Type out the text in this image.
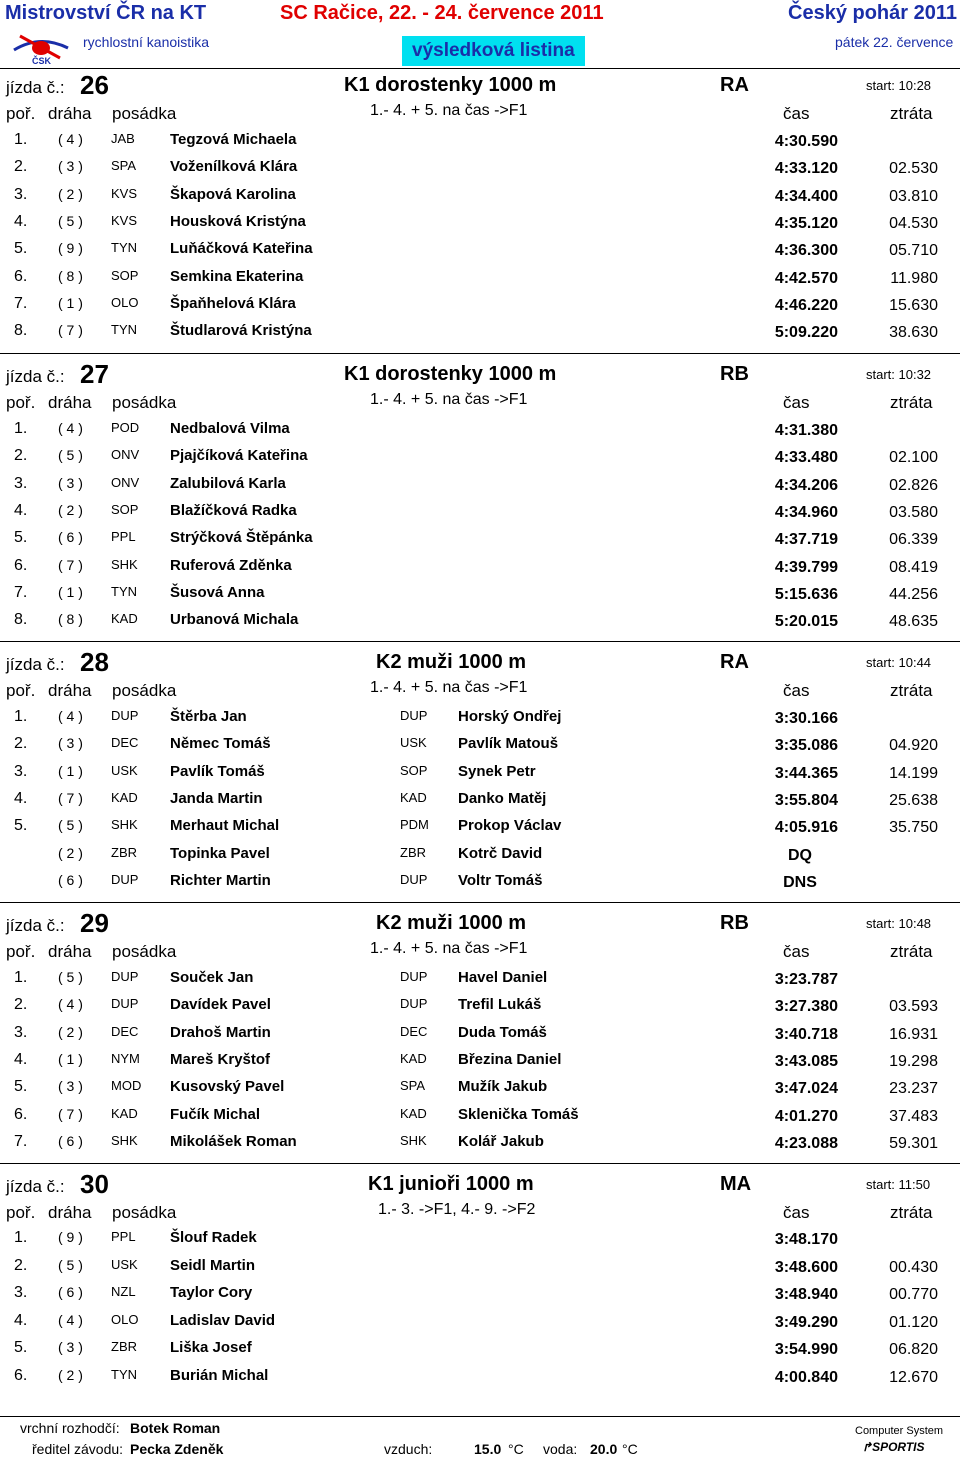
Mistrovství ČR na KT	SC Račice, 22. - 24. července 2011	Český pohár 2011
ČSK
rychlostní kanoistika	výsledková listina	pátek 22. července
jízda č.: 26	K1 dorostenky 1000 m	RA	start: 10:28
poř. dráha posádka	1.- 4. + 5. na čas ->F1	čas	ztráta
1. ( 4 ) JAB Tegzová Michaela	4:30.590
2. ( 3 ) SPA Voženílková Klára	4:33.120	02.530
3. ( 2 ) KVS Škapová Karolina	4:34.400	03.810
4. ( 5 ) KVS Housková Kristýna	4:35.120	04.530
5. ( 9 ) TYN Luňáčková Kateřina	4:36.300	05.710
6. ( 8 ) SOP Semkina Ekaterina	4:42.570	11.980
7. ( 1 ) OLO Špaňhelová Klára	4:46.220	15.630
8. ( 7 ) TYN Študlarová Kristýna	5:09.220	38.630
jízda č.: 27	K1 dorostenky 1000 m	RB	start: 10:32
poř. dráha posádka	1.- 4. + 5. na čas ->F1	čas	ztráta
1. ( 4 ) POD Nedbalová Vilma	4:31.380
2. ( 5 ) ONV Pjajčíková Kateřina	4:33.480	02.100
3. ( 3 ) ONV Zalubilová Karla	4:34.206	02.826
4. ( 2 ) SOP Blažíčková Radka	4:34.960	03.580
5. ( 6 ) PPL Strýčková Štěpánka	4:37.719	06.339
6. ( 7 ) SHK Ruferová Zděnka	4:39.799	08.419
7. ( 1 ) TYN Šusová Anna	5:15.636	44.256
8. ( 8 ) KAD Urbanová Michala	5:20.015	48.635
jízda č.: 28	K2 muži 1000 m	RA	start: 10:44
poř. dráha posádka	1.- 4. + 5. na čas ->F1	čas	ztráta
1. ( 4 ) DUP Štěrba Jan	DUP Horský Ondřej	3:30.166
2. ( 3 ) DEC Němec Tomáš	USK Pavlík Matouš	3:35.086	04.920
3. ( 1 ) USK Pavlík Tomáš	SOP Synek Petr	3:44.365	14.199
4. ( 7 ) KAD Janda Martin	KAD Danko Matěj	3:55.804	25.638
5. ( 5 ) SHK Merhaut Michal	PDM Prokop Václav	4:05.916	35.750
( 2 ) ZBR Topinka Pavel	ZBR Kotrč David	DQ
( 6 ) DUP Richter Martin	DUP Voltr Tomáš	DNS
jízda č.: 29	K2 muži 1000 m	RB	start: 10:48
poř. dráha posádka	1.- 4. + 5. na čas ->F1	čas	ztráta
1. ( 5 ) DUP Souček Jan	DUP Havel Daniel	3:23.787
2. ( 4 ) DUP Davídek Pavel	DUP Trefil Lukáš	3:27.380	03.593
3. ( 2 ) DEC Drahoš Martin	DEC Duda Tomáš	3:40.718	16.931
4. ( 1 ) NYM Mareš Kryštof	KAD Březina Daniel	3:43.085	19.298
5. ( 3 ) MOD Kusovský Pavel	SPA Mužík Jakub	3:47.024	23.237
6. ( 7 ) KAD Fučík Michal	KAD Sklenička Tomáš	4:01.270	37.483
7. ( 6 ) SHK Mikolášek Roman	SHK Kolář Jakub	4:23.088	59.301
jízda č.: 30	K1 junioři 1000 m	MA	start: 11:50
poř. dráha posádka	1.- 3. ->F1, 4.- 9. ->F2	čas	ztráta
1. ( 9 ) PPL Šlouf Radek	3:48.170
2. ( 5 ) USK Seidl Martin	3:48.600	00.430
3. ( 6 ) NZL Taylor Cory	3:48.940	00.770
4. ( 4 ) OLO Ladislav David	3:49.290	01.120
5. ( 3 ) ZBR Liška Josef	3:54.990	06.820
6. ( 2 ) TYN Burián Michal	4:00.840	12.670
vrchní rozhodčí: Botek Roman
ředitel závodu: Pecka Zdeněk	vzduch:	15.0 °C voda: 20.0 °C
Computer System
↱SPORTIS
